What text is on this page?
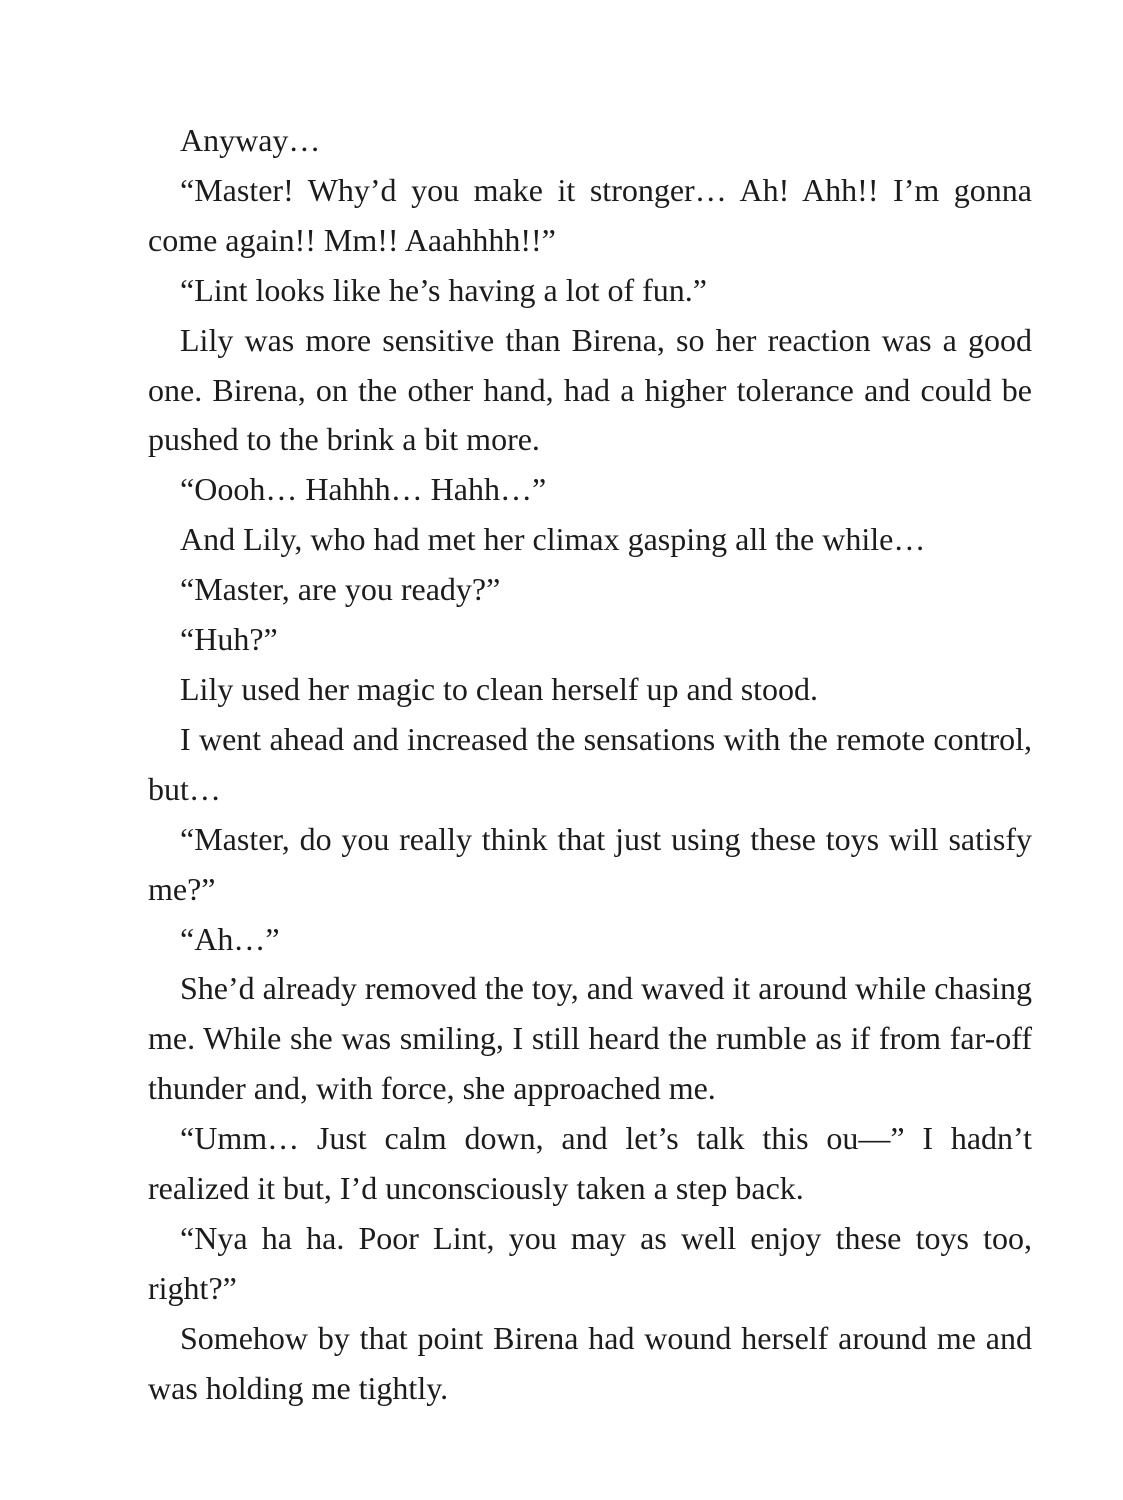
Anyway…

“Master! Why’d you make it stronger… Ah! Ahh!! I’m gonna come again!! Mm!! Aaahhhh!!”

“Lint looks like he’s having a lot of fun.”

Lily was more sensitive than Birena, so her reaction was a good one. Birena, on the other hand, had a higher tolerance and could be pushed to the brink a bit more.

“Oooh… Hahhh… Hahh…”

And Lily, who had met her climax gasping all the while…

“Master, are you ready?”

“Huh?”

Lily used her magic to clean herself up and stood.

I went ahead and increased the sensations with the remote control, but…

“Master, do you really think that just using these toys will satisfy me?”

“Ah…”

She’d already removed the toy, and waved it around while chasing me. While she was smiling, I still heard the rumble as if from far-off thunder and, with force, she approached me.

“Umm… Just calm down, and let’s talk this ou—” I hadn’t realized it but, I’d unconsciously taken a step back.

“Nya ha ha. Poor Lint, you may as well enjoy these toys too, right?”

Somehow by that point Birena had wound herself around me and was holding me tightly.
